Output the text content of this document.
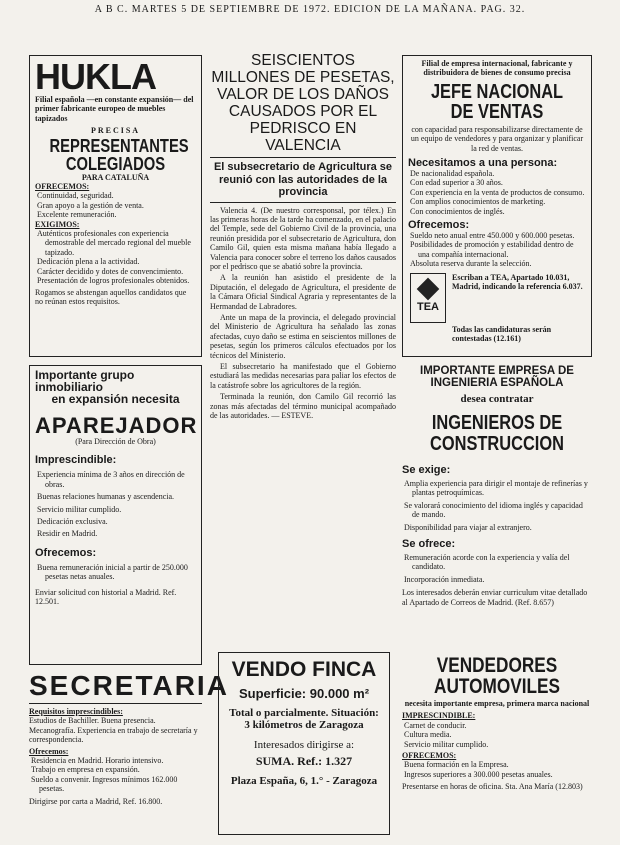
A B C. MARTES 5 DE SEPTIEMBRE DE 1972. EDICION DE LA MAÑANA. PAG. 32.
HUKLA
Filial española —en constante expansión— del primer fabricante europeo de muebles tapizados
PRECISA
REPRESENTANTES
COLEGIADOS
PARA CATALUÑA
OFRECEMOS:
Continuidad, seguridad.
Gran apoyo a la gestión de venta.
Excelente remuneración.
EXIGIMOS:
Auténticos profesionales con experiencia demostrable del mercado regional del mueble tapizado.
Dedicación plena a la actividad.
Carácter decidido y dotes de convencimiento.
Presentación de logros profesionales obtenidos.
Rogamos se abstengan aquellos candidatos que no reúnan estos requisitos.
Importante grupo inmobiliario
en expansión necesita
APAREJADOR
(Para Dirección de Obra)
Imprescindible:
Experiencia mínima de 3 años en dirección de obras.
Buenas relaciones humanas y ascendencia.
Servicio militar cumplido.
Dedicación exclusiva.
Residir en Madrid.
Ofrecemos:
Buena remuneración inicial a partir de 250.000 pesetas netas anuales.
Enviar solicitud con historial a Madrid. Ref. 12.501.
SECRETARIA
Requisitos imprescindibles:
Estudios de Bachiller. Buena presencia. Mecanografía. Experiencia en trabajo de secretaría y correspondencia.
Ofrecemos:
Residencia en Madrid. Horario intensivo.
Trabajo en empresa en expansión.
Sueldo a convenir. Ingresos mínimos 162.000 pesetas.
Dirigirse por carta a Madrid, Ref. 16.800.
SEISCIENTOS MILLONES DE PESETAS, VALOR DE LOS DAÑOS CAUSADOS POR EL PEDRISCO EN VALENCIA
El subsecretario de Agricultura se reunió con las autoridades de la provincia
Valencia 4. (De nuestro corresponsal, por télex.) En las primeras horas de la tarde ha comenzado, en el palacio del Temple, sede del Gobierno Civil de la provincia, una reunión presidida por el subsecretario de Agricultura, don Camilo Gil, quien esta misma mañana había llegado a Valencia para conocer sobre el terreno los daños causados por el pedrisco que se abatió sobre la provincia.
A la reunión han asistido el presidente de la Diputación, el delegado de Agricultura, el presidente de la Cámara Oficial Sindical Agraria y representantes de la Hermandad de Labradores.
Ante un mapa de la provincia, el delegado provincial del Ministerio de Agricultura ha señalado las zonas afectadas, cuyo daño se estima en seiscientos millones de pesetas, según los primeros cálculos efectuados por los técnicos del Ministerio.
El subsecretario ha manifestado que el Gobierno estudiará las medidas necesarias para paliar los efectos de la catástrofe sobre los agricultores de la región.
Terminada la reunión, don Camilo Gil recorrió las zonas más afectadas del término municipal acompañado de las autoridades. — ESTEVE.
VENDO FINCA
Superficie: 90.000 m²
Total o parcialmente. Situación:
3 kilómetros de Zaragoza
Interesados dirigirse a:
SUMA. Ref.: 1.327
Plaza España, 6, 1.° - Zaragoza
Filial de empresa internacional, fabricante y distribuidora de bienes de consumo precisa
JEFE NACIONAL
DE VENTAS
con capacidad para responsabilizarse directamente de un equipo de vendedores y para organizar y planificar la red de ventas.
Necesitamos a una persona:
De nacionalidad española.
Con edad superior a 30 años.
Con experiencia en la venta de productos de consumo.
Con amplios conocimientos de marketing.
Con conocimientos de inglés.
Ofrecemos:
Sueldo neto anual entre 450.000 y 600.000 pesetas.
Posibilidades de promoción y estabilidad dentro de una compañía internacional.
Absoluta reserva durante la selección.
TEA
Escriban a TEA, Apartado 10.031, Madrid, indicando la referencia 6.037.
Todas las candidaturas serán contestadas (12.161)
IMPORTANTE EMPRESA DE
INGENIERIA ESPAÑOLA
desea contratar
INGENIEROS DE
CONSTRUCCION
Se exige:
Amplia experiencia para dirigir el montaje de refinerías y plantas petroquímicas.
Se valorará conocimiento del idioma inglés y capacidad de mando.
Disponibilidad para viajar al extranjero.
Se ofrece:
Remuneración acorde con la experiencia y valía del candidato.
Incorporación inmediata.
Los interesados deberán enviar curriculum vitae detallado al Apartado de Correos de Madrid. (Ref. 8.657)
VENDEDORES
AUTOMOVILES
necesita importante empresa, primera marca nacional
IMPRESCINDIBLE:
Carnet de conducir.
Cultura media.
Servicio militar cumplido.
OFRECEMOS:
Buena formación en la Empresa.
Ingresos superiores a 300.000 pesetas anuales.
Presentarse en horas de oficina. Sta. Ana María (12.803)
